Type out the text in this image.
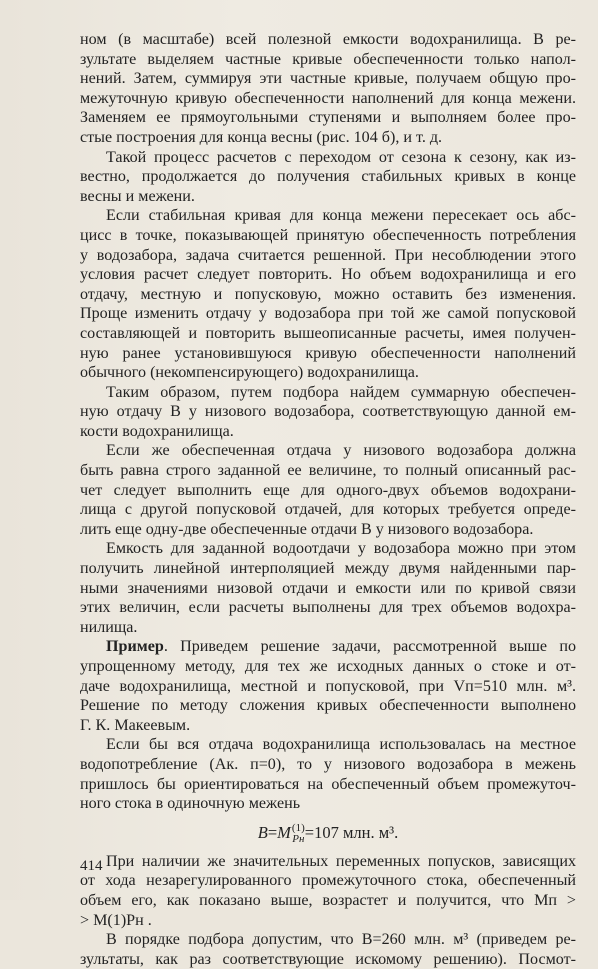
ном (в масштабе) всей полезной емкости водохранилища. В ре-
зультате выделяем частные кривые обеспеченности только напол-
нений. Затем, суммируя эти частные кривые, получаем общую про-
межуточную кривую обеспеченности наполнений для конца межени.
Заменяем ее прямоугольными ступенями и выполняем более про-
стые построения для конца весны (рис. 104 б), и т. д.
Такой процесс расчетов с переходом от сезона к сезону, как из-
вестно, продолжается до получения стабильных кривых в конце
весны и межени.
Если стабильная кривая для конца межени пересекает ось абс-
цисс в точке, показывающей принятую обеспеченность потребления
у водозабора, задача считается решенной. При несоблюдении этого
условия расчет следует повторить. Но объем водохранилища и его
отдачу, местную и попусковую, можно оставить без изменения.
Проще изменить отдачу у водозабора при той же самой попусковой
составляющей и повторить вышеописанные расчеты, имея получен-
ную ранее установившуюся кривую обеспеченности наполнений
обычного (некомпенсирующего) водохранилища.
Таким образом, путем подбора найдем суммарную обеспечен-
ную отдачу B у низового водозабора, соответствующую данной ем-
кости водохранилища.
Если же обеспеченная отдача у низового водозабора должна
быть равна строго заданной ее величине, то полный описанный рас-
чет следует выполнить еще для одного-двух объемов водохрани-
лища с другой попусковой отдачей, для которых требуется опреде-
лить еще одну-две обеспеченные отдачи B у низового водозабора.
Емкость для заданной водоотдачи у водозабора можно при этом
получить линейной интерполяцией между двумя найденными пар-
ными значениями низовой отдачи и емкости или по кривой связи
этих величин, если расчеты выполнены для трех объемов водохра-
нилища.
Пример. Приведем решение задачи, рассмотренной выше по
упрощенному методу, для тех же исходных данных о стоке и от-
даче водохранилища, местной и попусковой, при Vп=510 млн. м³.
Решение по методу сложения кривых обеспеченности выполнено
Г. К. Макеевым.
Если бы вся отдача водохранилища использовалась на местное
водопотребление (Aк. п=0), то у низового водозабора в межень
пришлось бы ориентироваться на обеспеченный объем промежуточ-
ного стока в одиночную межень
B=M (1)
Pн =107 млн. м³.
При наличии же значительных переменных попусков, зависящих
от хода незарегулированного промежуточного стока, обеспеченный
объем его, как показано выше, возрастет и получится, что Mп >
> M(1)Pн .
В порядке подбора допустим, что B=260 млн. м³ (приведем ре-
зультаты, как раз соответствующие искомому решению). Посмот-
414
